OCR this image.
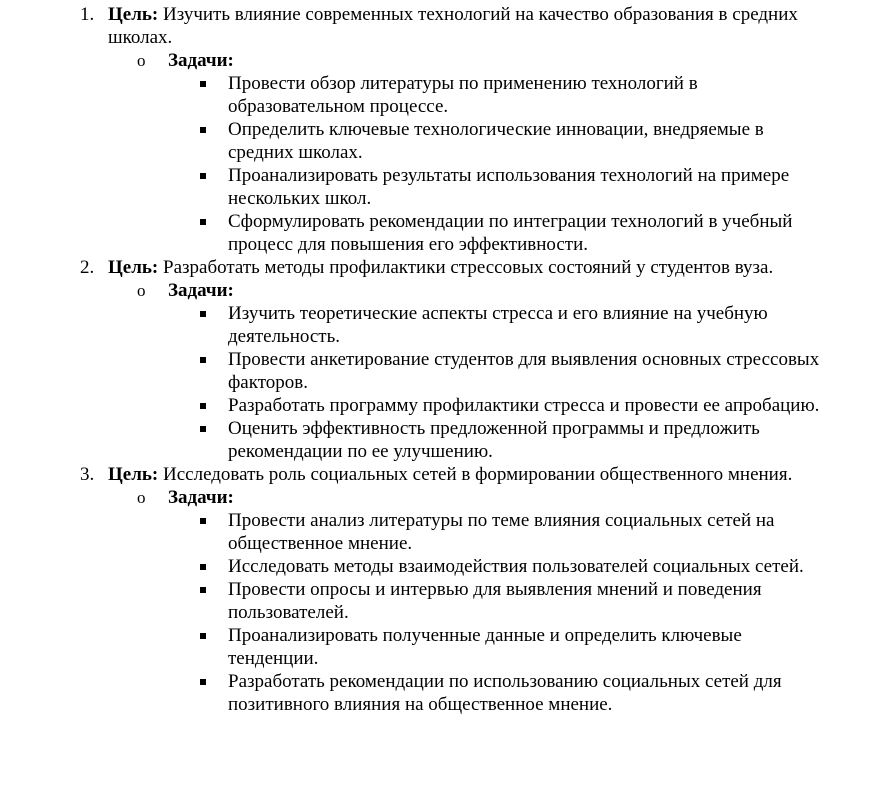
1. Цель: Изучить влияние современных технологий на качество образования в средних школах.
o Задачи:
Провести обзор литературы по применению технологий в образовательном процессе.
Определить ключевые технологические инновации, внедряемые в средних школах.
Проанализировать результаты использования технологий на примере нескольких школ.
Сформулировать рекомендации по интеграции технологий в учебный процесс для повышения его эффективности.
2. Цель: Разработать методы профилактики стрессовых состояний у студентов вуза.
o Задачи:
Изучить теоретические аспекты стресса и его влияние на учебную деятельность.
Провести анкетирование студентов для выявления основных стрессовых факторов.
Разработать программу профилактики стресса и провести ее апробацию.
Оценить эффективность предложенной программы и предложить рекомендации по ее улучшению.
3. Цель: Исследовать роль социальных сетей в формировании общественного мнения.
o Задачи:
Провести анализ литературы по теме влияния социальных сетей на общественное мнение.
Исследовать методы взаимодействия пользователей социальных сетей.
Провести опросы и интервью для выявления мнений и поведения пользователей.
Проанализировать полученные данные и определить ключевые тенденции.
Разработать рекомендации по использованию социальных сетей для позитивного влияния на общественное мнение.
